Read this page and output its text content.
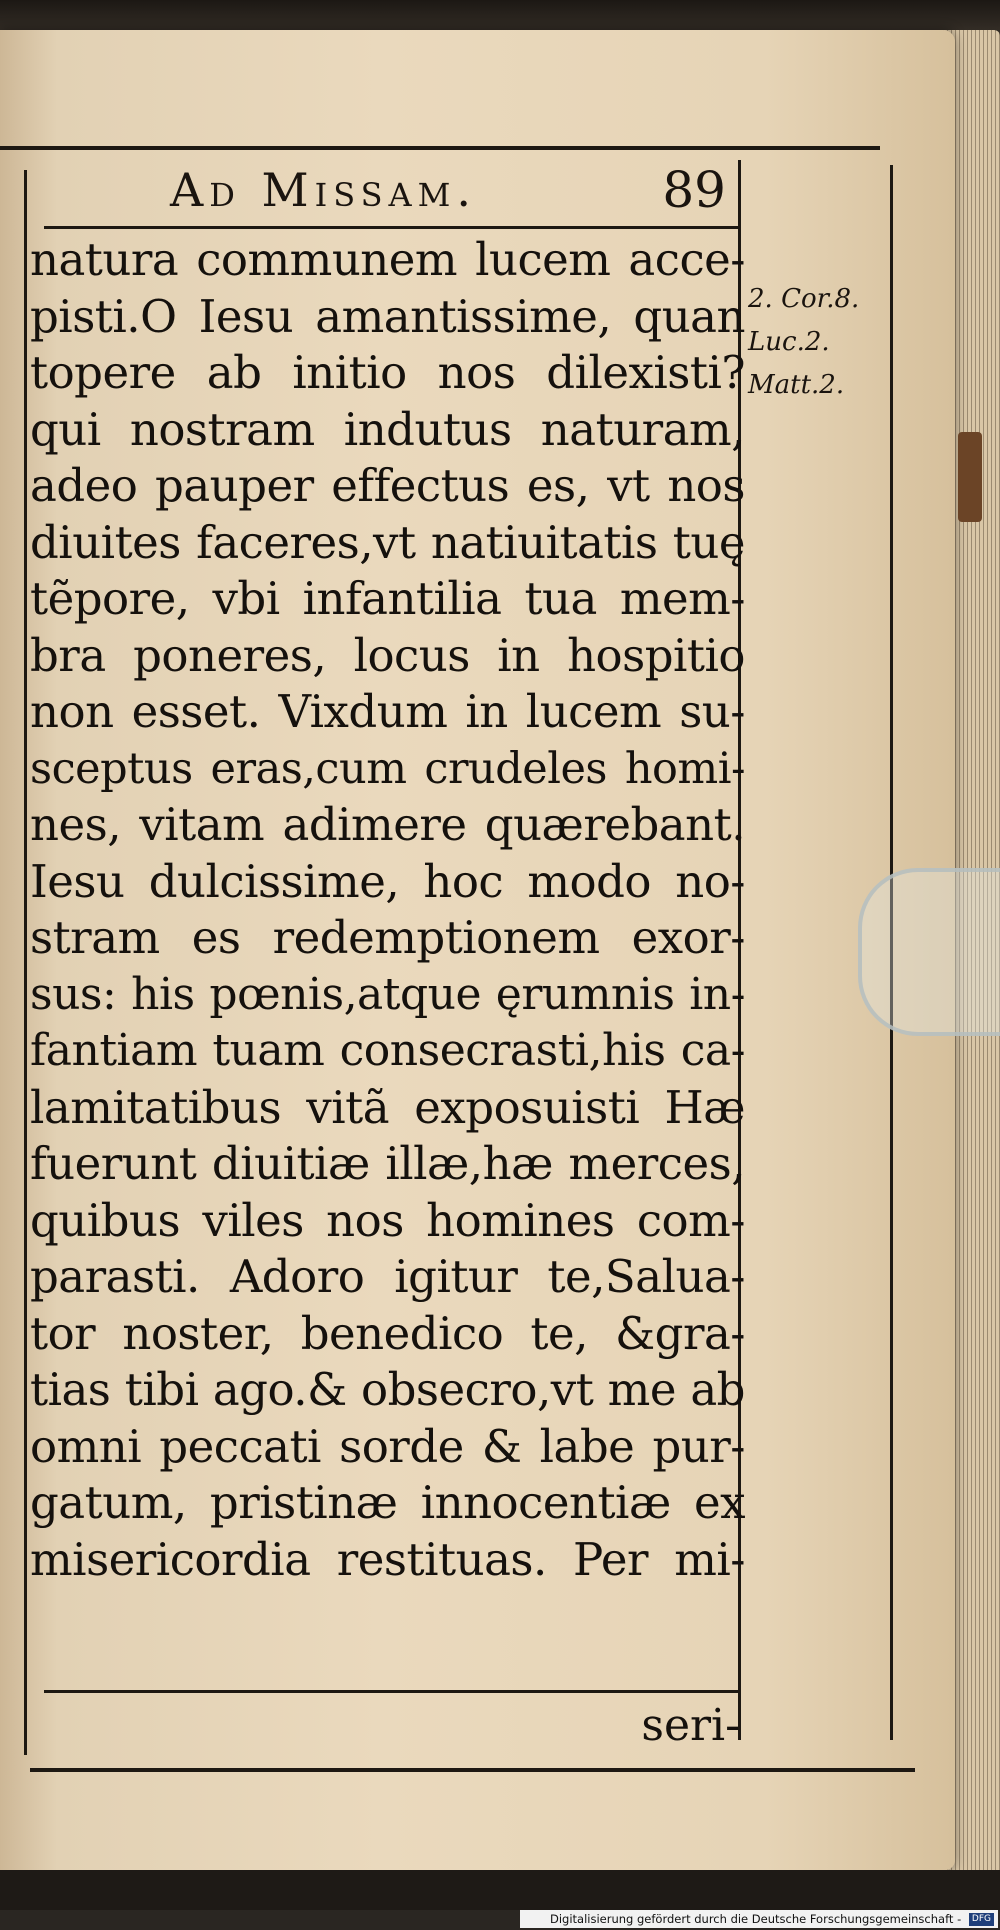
Ad Missam.	89
natura communem lucem acce-
pisti.O Iesu amantissime, quan
topere ab initio nos dilexisti?
qui nostram indutus naturam,
adeo pauper effectus es, vt nos
diuites faceres,vt natiuitatis tuę
tẽpore, vbi infantilia tua mem-
bra poneres, locus in hospitio
non esset. Vixdum in lucem su-
sceptus eras,cum crudeles homi-
nes, vitam adimere quærebant.
Iesu dulcissime, hoc modo no-
stram es redemptionem exor-
sus: his pœnis,atque ęrumnis in-
fantiam tuam consecrasti,his ca-
lamitatibus vitã exposuisti Hæ
fuerunt diuitiæ illæ,hæ merces,
quibus viles nos homines com-
parasti. Adoro igitur te,Salua-
tor noster, benedico te, &gra-
tias tibi ago.& obsecro,vt me ab
omni peccati sorde & labe pur-
gatum, pristinæ innocentiæ ex
misericordia restituas. Per mi-
2. Cor.8.
Luc.2.
Matt.2.
seri-
Digitalisierung gefördert durch die Deutsche Forschungsgemeinschaft - DFG
